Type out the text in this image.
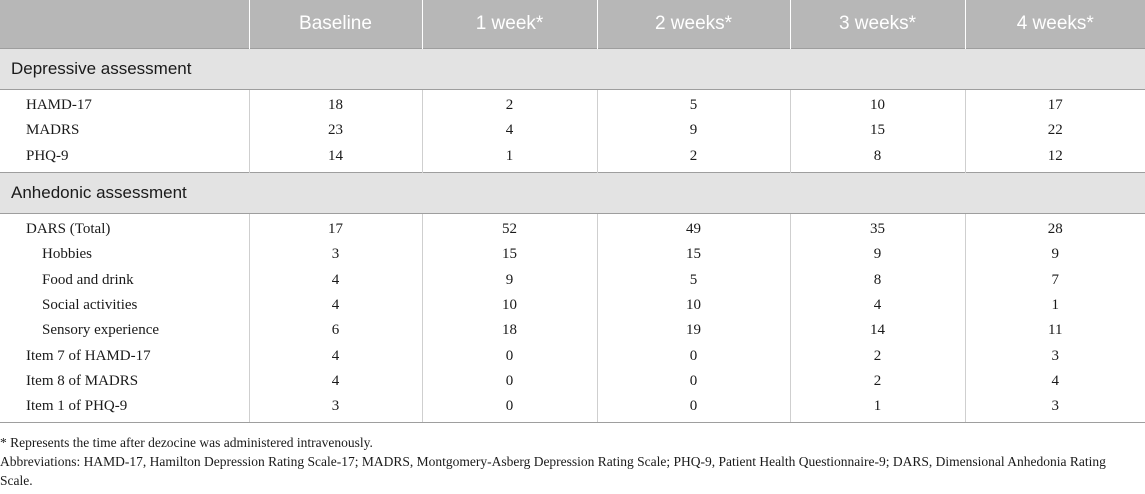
	Baseline	1 week*	2 weeks*	3 weeks*	4 weeks*
Depressive assessment					
HAMD-17	18	2	5	10	17
MADRS	23	4	9	15	22
PHQ-9	14	1	2	8	12
Anhedonic assessment					
DARS (Total)	17	52	49	35	28
Hobbies	3	15	15	9	9
Food and drink	4	9	5	8	7
Social activities	4	10	10	4	1
Sensory experience	6	18	19	14	11
Item 7 of HAMD-17	4	0	0	2	3
Item 8 of MADRS	4	0	0	2	4
Item 1 of PHQ-9	3	0	0	1	3

* Represents the time after dezocine was administered intravenously.

Abbreviations: HAMD-17, Hamilton Depression Rating Scale-17; MADRS, Montgomery-Asberg Depression Rating Scale; PHQ-9, Patient Health Questionnaire-9; DARS, Dimensional Anhedonia Rating Scale.
